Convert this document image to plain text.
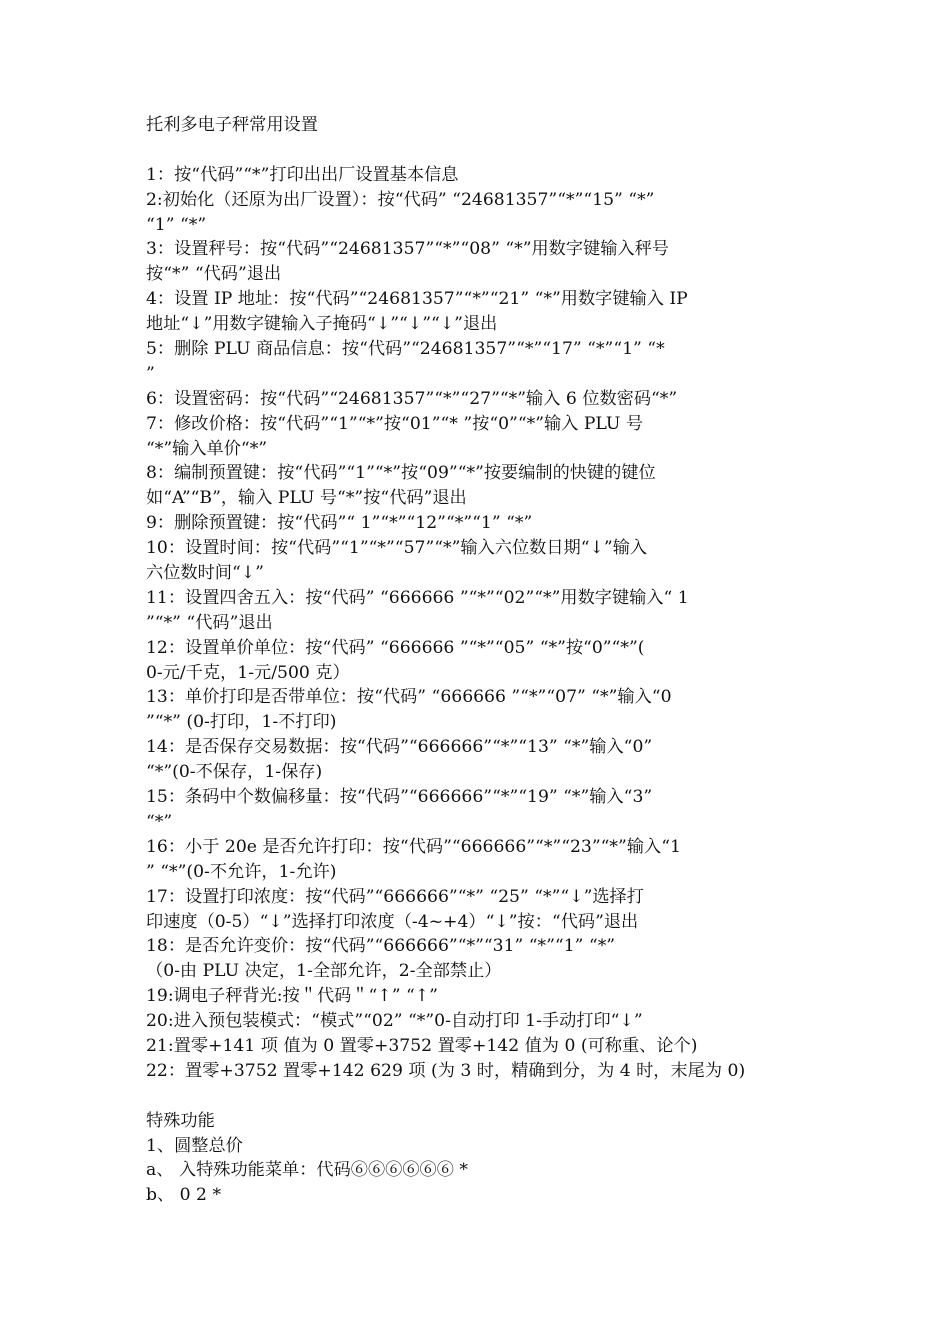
托利多电子秤常用设置
1：按“代码”“*”打印出出厂设置基本信息
2:初始化（还原为出厂设置）：按“代码” “24681357”“*”“15” “*”
“1” “*”
3：设置秤号：按“代码”“24681357”“*”“08” “*”用数字键输入秤号
按“*” “代码”退出
4：设置 IP 地址：按“代码”“24681357”“*”“21” “*”用数字键输入 IP
地址“↓”用数字键输入子掩码“↓”“↓”“↓”退出
5：删除 PLU 商品信息：按“代码”“24681357”“*”“17” “*”“1” “*
”
6：设置密码：按“代码”“24681357”“*”“27”“*”输入 6 位数密码“*”
7：修改价格：按“代码”“1”“*”按“01”“* ”按“0”“*”输入 PLU 号
“*”输入单价“*”
8：编制预置键：按“代码”“1”“*”按“09”“*”按要编制的快键的键位
如“A”“B”，输入 PLU 号“*”按“代码”退出
9：删除预置键：按“代码”“ 1”“*”“12”“*”“1” “*”
10：设置时间：按“代码”“1”“*”“57”“*”输入六位数日期“↓”输入
六位数时间“↓”
11：设置四舍五入：按“代码” “666666 ”“*”“02”“*”用数字键输入“ 1
”“*” “代码”退出
12：设置单价单位：按“代码” “666666 ”“*”“05” “*”按“0”“*”(
0-元/千克，1-元/500 克）
13：单价打印是否带单位：按“代码” “666666 ”“*”“07” “*”输入“0
”“*” (0-打印，1-不打印)
14：是否保存交易数据：按“代码”“666666”“*”“13” “*”输入“0”
“*”(0-不保存，1-保存)
15：条码中个数偏移量：按“代码”“666666”“*”“19” “*”输入“3”
“*”
16：小于 20e 是否允许打印：按“代码”“666666”“*”“23”“*”输入“1
” “*”(0-不允许，1-允许)
17：设置打印浓度：按“代码”“666666”“*” “25” “*”“↓”选择打
印速度（0-5）“↓”选择打印浓度（-4~+4）“↓”按：“代码”退出
18：是否允许变价：按“代码”“666666”“*”“31” “*”“1” “*”
（0-由 PLU 决定，1-全部允许，2-全部禁止）
19:调电子秤背光:按＂代码＂“↑” “↑”
20:进入预包装模式：“模式”“02” “*”0-自动打印 1-手动打印“↓”
21:置零+141 项 值为 0 置零+3752 置零+142 值为 0 (可称重、论个)
22：置零+3752 置零+142 629 项 (为 3 时，精确到分，为 4 时，末尾为 0)
特殊功能
1、圆整总价
a、 入特殊功能菜单：代码⑥⑥⑥⑥⑥⑥ *
b、 0 2 *
